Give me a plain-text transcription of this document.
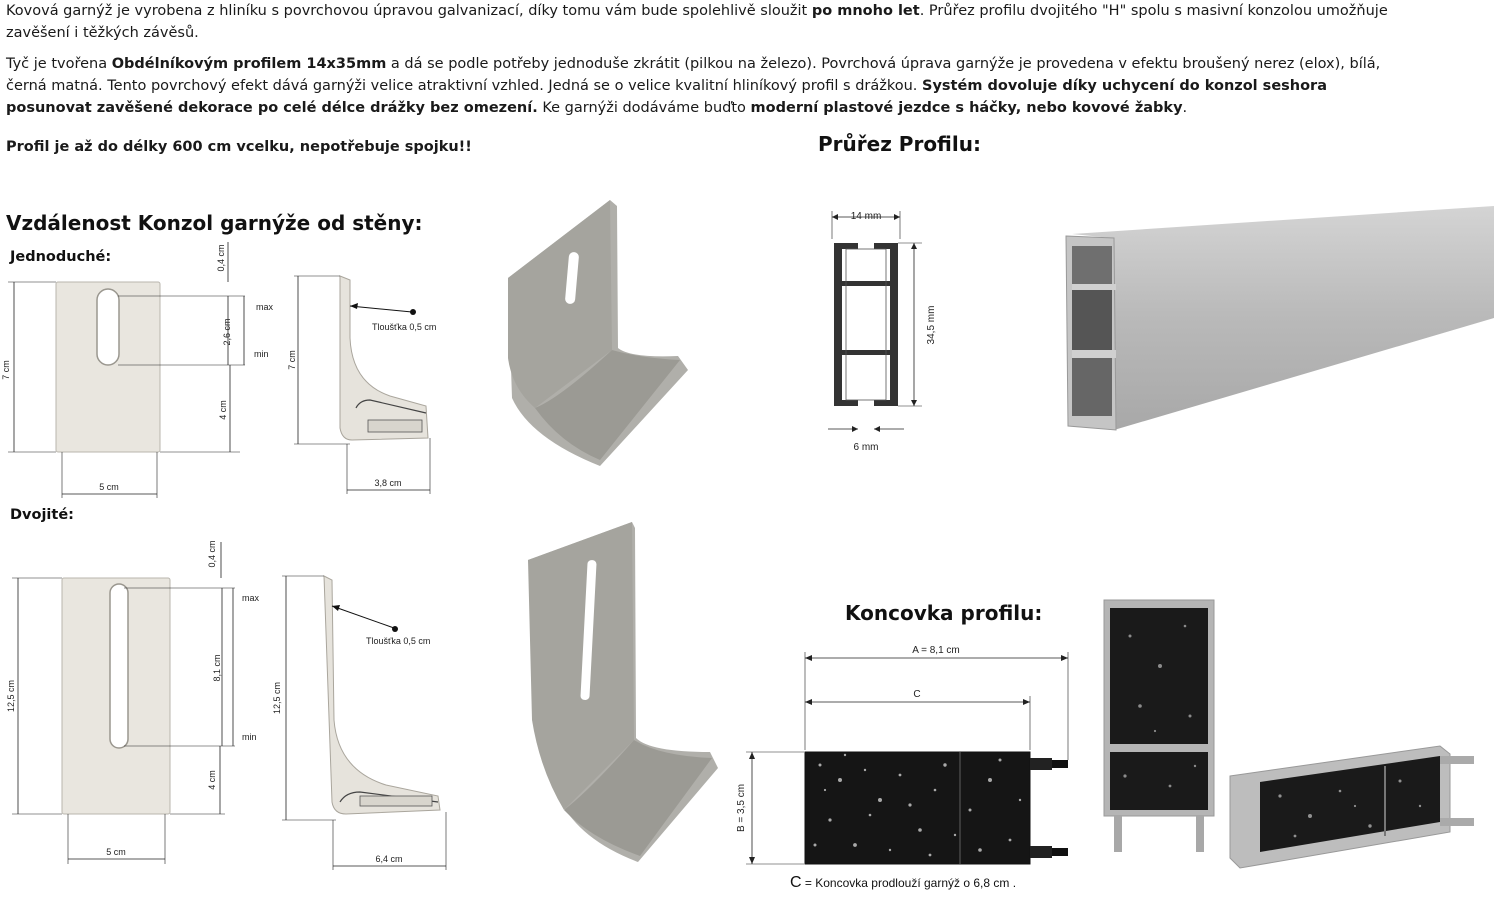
Kovová garnýž je vyrobena z hliníku s povrchovou úpravou galvanizací, díky tomu vám bude spolehlivě sloužit po mnoho let. Průřez profilu dvojitého "H" spolu s masivní konzolou umožňuje zavěšení i těžkých závěsů.
Tyč je tvořena Obdélníkovým profilem 14x35mm a dá se podle potřeby jednoduše zkrátit (pilkou na železo). Povrchová úprava garnýže je provedena v efektu broušený nerez (elox), bílá, černá matná. Tento povrchový efekt dává garnýži velice atraktivní vzhled. Jedná se o velice kvalitní hliníkový profil s drážkou. Systém dovoluje díky uchycení do konzol seshora posunovat zavěšené dekorace po celé délce drážky bez omezení. Ke garnýži dodáváme buďto moderní plastové jezdce s háčky, nebo kovové žabky.
Profil je až do délky 600 cm vcelku, nepotřebuje spojku!!
Vzdálenost Konzol garnýže od stěny:
Jednoduché:
Dvojité:
Průřez Profilu:
Koncovka profilu:
7 cm
0,4 cm
2,6 cm
4 cm
max
min
5 cm
7 cm
Tloušťka 0,5 cm
3,8 cm
12,5 cm
0,4 cm
8,1 cm
4 cm
max
min
5 cm
12,5 cm
Tloušťka 0,5 cm
6,4 cm
14 mm
34,5 mm
6 mm
A = 8,1 cm
C
B = 3,5 cm
C = Koncovka prodlouží garnýž o 6,8 cm .
